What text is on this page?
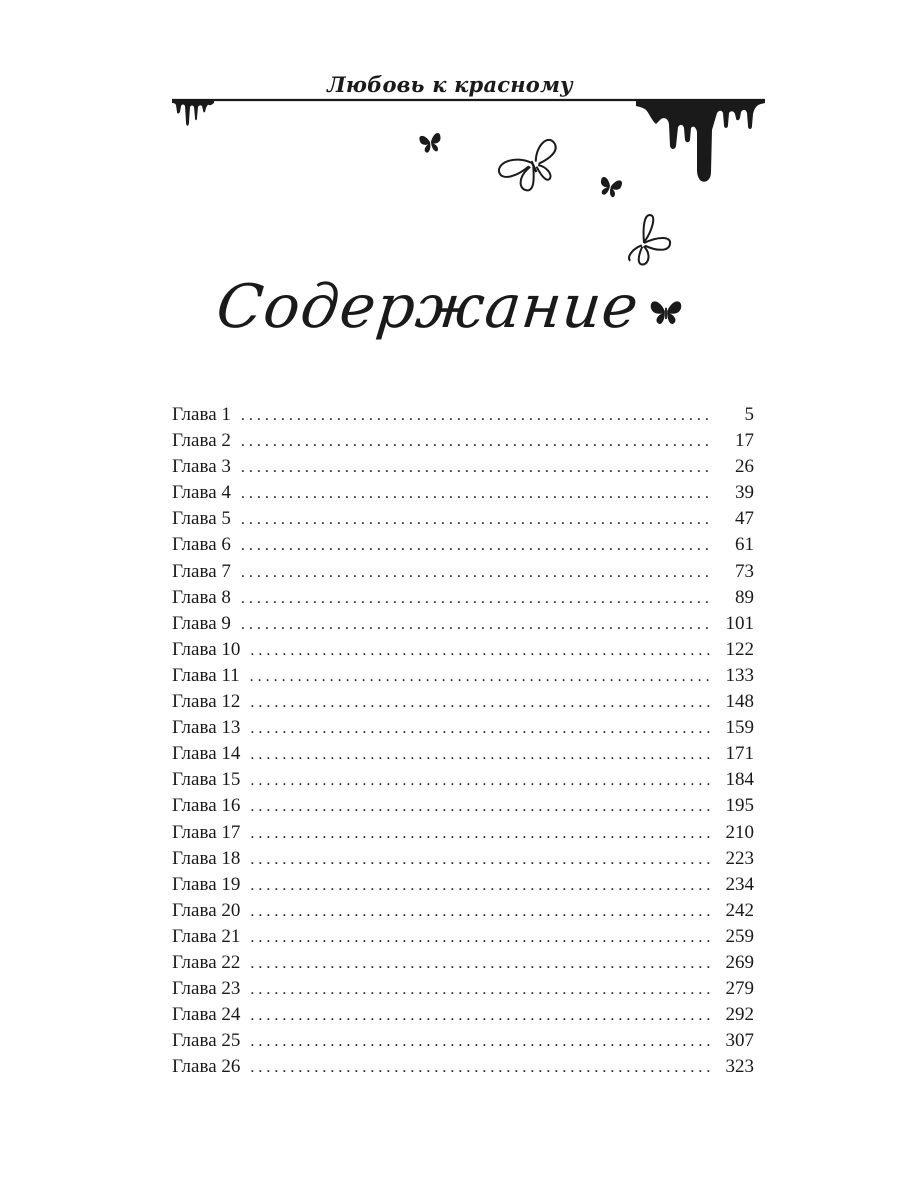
Любовь к красному
Содержание
Глава 1 . . .	5
Глава 2 . . .	17
Глава 3 . . .	26
Глава 4 . . .	39
Глава 5 . . .	47
Глава 6 . . .	61
Глава 7 . . .	73
Глава 8 . . .	89
Глава 9 . . .	101
Глава 10 . . .	122
Глава 11 . . .	133
Глава 12 . . .	148
Глава 13 . . .	159
Глава 14 . . .	171
Глава 15 . . .	184
Глава 16 . . .	195
Глава 17 . . .	210
Глава 18 . . .	223
Глава 19 . . .	234
Глава 20 . . .	242
Глава 21 . . .	259
Глава 22 . . .	269
Глава 23 . . .	279
Глава 24 . . .	292
Глава 25 . . .	307
Глава 26 . . .	323
